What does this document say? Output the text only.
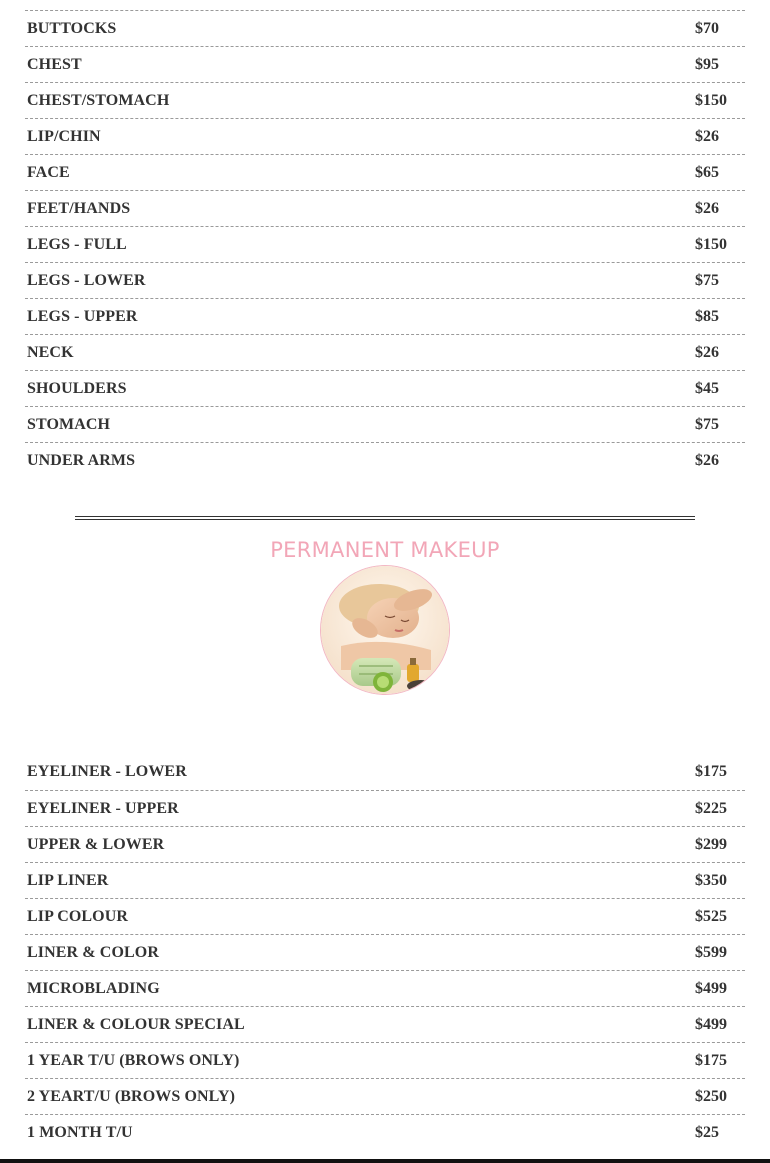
BUTTOCKS	$70
CHEST	$95
CHEST/STOMACH	$150
LIP/CHIN	$26
FACE	$65
FEET/HANDS	$26
LEGS - FULL	$150
LEGS - LOWER	$75
LEGS - UPPER	$85
NECK	$26
SHOULDERS	$45
STOMACH	$75
UNDER ARMS	$26
PERMANENT MAKEUP
EYELINER - LOWER	$175
EYELINER - UPPER	$225
UPPER & LOWER	$299
LIP LINER	$350
LIP COLOUR	$525
LINER & COLOR	$599
MICROBLADING	$499
LINER & COLOUR SPECIAL	$499
1 YEAR T/U (BROWS ONLY)	$175
2 YEART/U (BROWS ONLY)	$250
1 MONTH T/U	$25
